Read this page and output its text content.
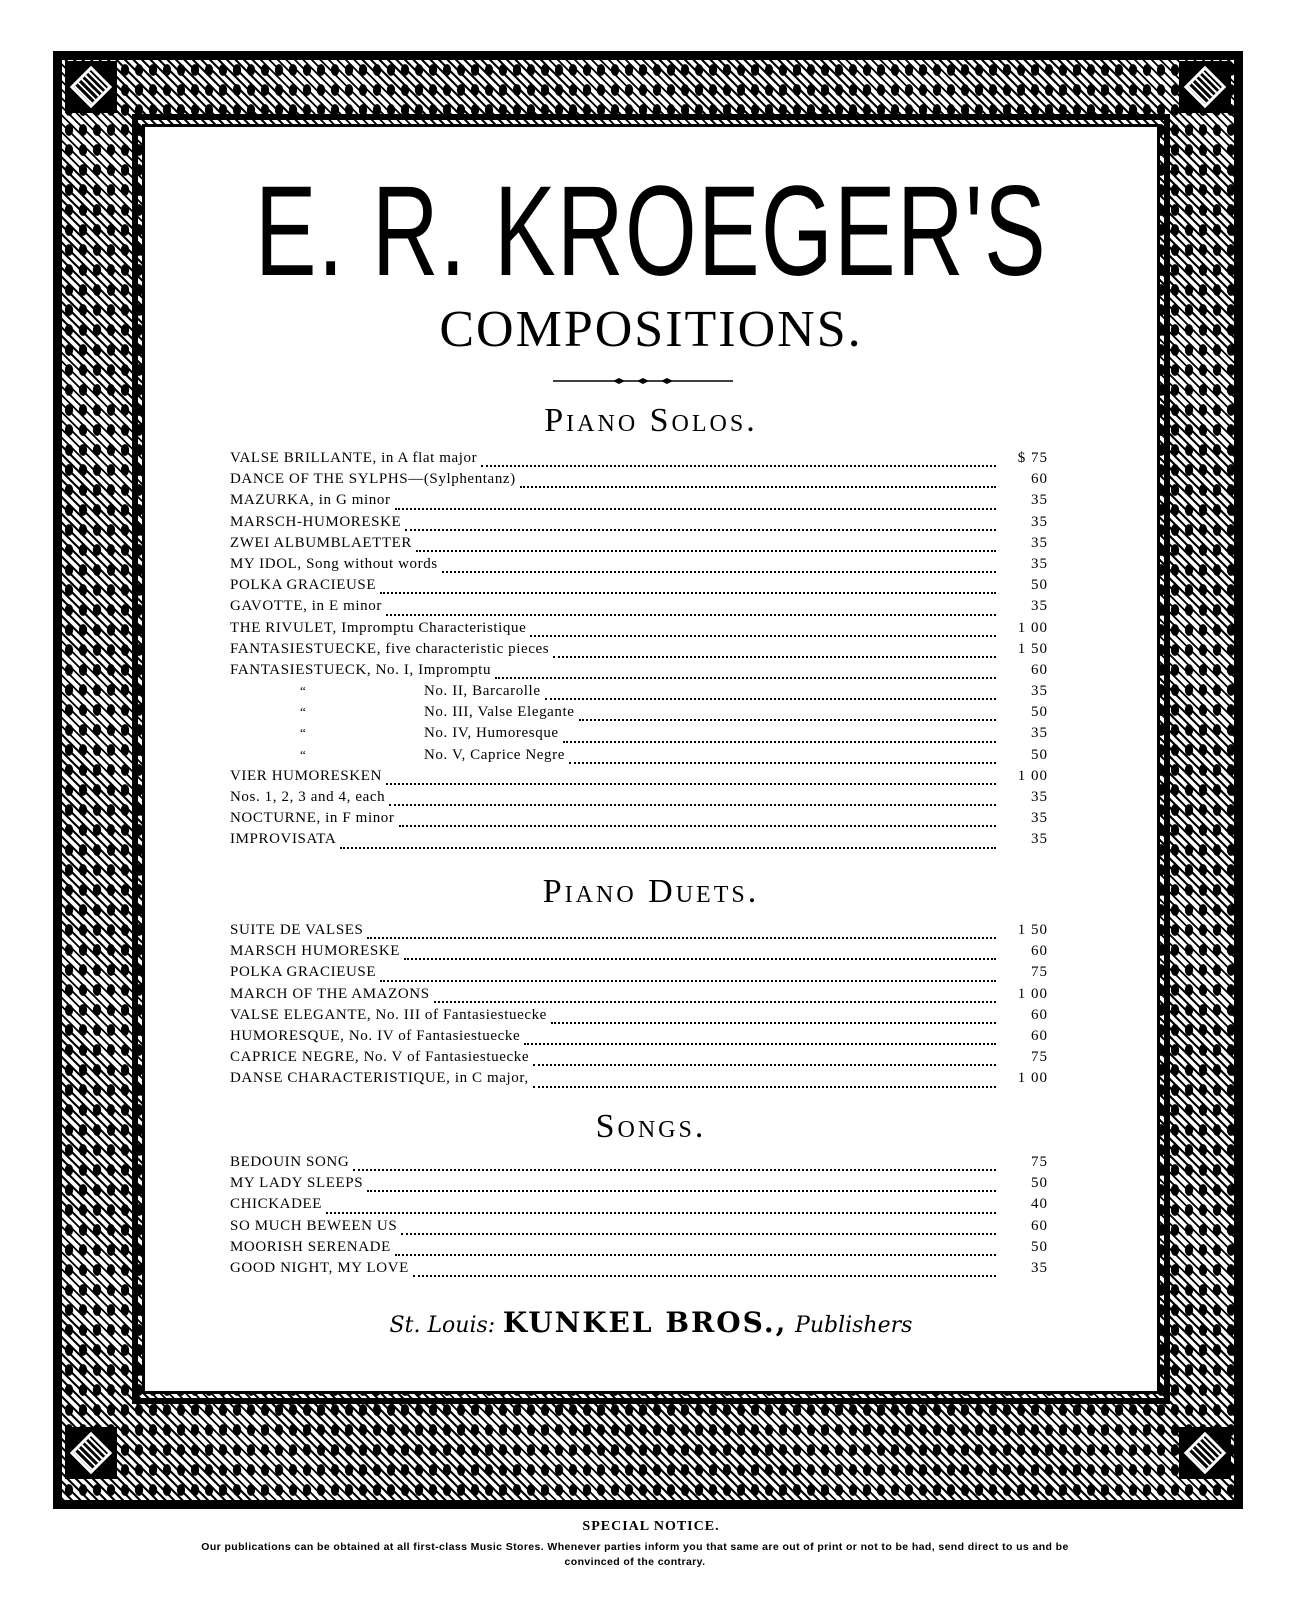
E. R. KROEGER'S
COMPOSITIONS.
Piano Solos.
VALSE BRILLANTE, in A flat major	$ 75
DANCE OF THE SYLPHS—(Sylphentanz)	60
MAZURKA, in G minor	35
MARSCH-HUMORESKE	35
ZWEI ALBUMBLAETTER	35
MY IDOL, Song without words	35
POLKA GRACIEUSE	50
GAVOTTE, in E minor	35
THE RIVULET, Impromptu Characteristique	1 00
FANTASIESTUECKE, five characteristic pieces	1 50
FANTASIESTUECK, No. I, Impromptu	60
“	No. II, Barcarolle	35
“	No. III, Valse Elegante	50
“	No. IV, Humoresque	35
“	No. V, Caprice Negre	50
VIER HUMORESKEN	1 00
Nos. 1, 2, 3 and 4, each	35
NOCTURNE, in F minor	35
IMPROVISATA	35
Piano Duets.
SUITE DE VALSES	1 50
MARSCH HUMORESKE	60
POLKA GRACIEUSE	75
MARCH OF THE AMAZONS	1 00
VALSE ELEGANTE, No. III of Fantasiestuecke	60
HUMORESQUE, No. IV of Fantasiestuecke	60
CAPRICE NEGRE, No. V of Fantasiestuecke	75
DANSE CHARACTERISTIQUE, in C major,	1 00
Songs.
BEDOUIN SONG	75
MY LADY SLEEPS	50
CHICKADEE	40
SO MUCH BEWEEN US	60
MOORISH SERENADE	50
GOOD NIGHT, MY LOVE	35
St. Louis: KUNKEL BROS., Publishers

SPECIAL NOTICE.

Our publications can be obtained at all first-class Music Stores. Whenever parties inform you that same are out of print or not to be had, send direct to us and be convinced of the contrary.
